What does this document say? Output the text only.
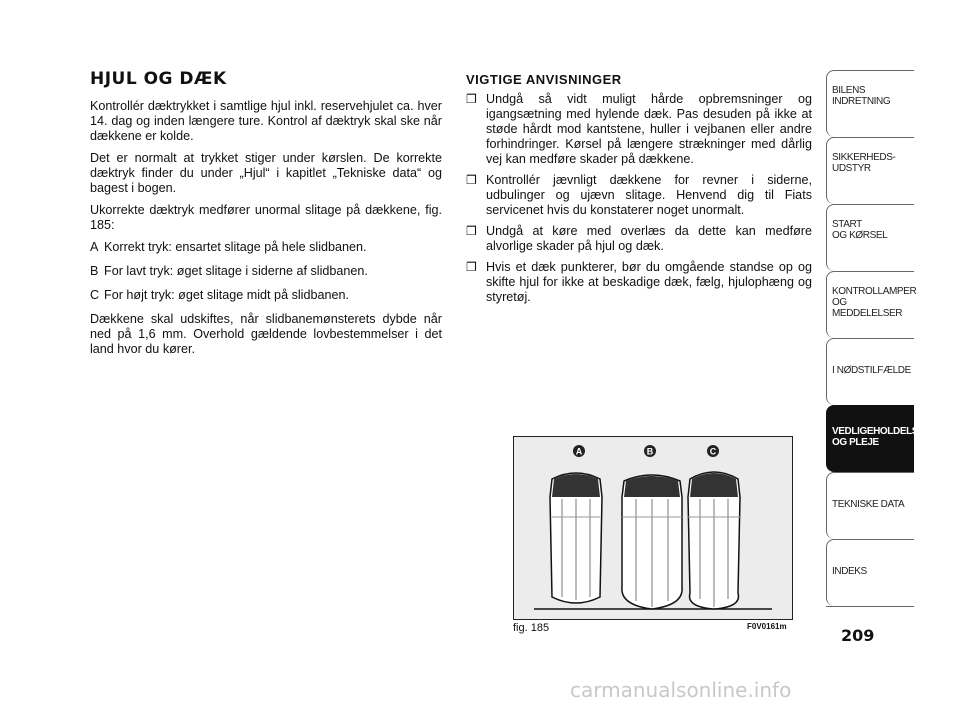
HJUL OG DÆK

Kontrollér dæktrykket i samtlige hjul inkl. reservehjulet ca. hver 14. dag og inden længere ture. Kontrol af dæktryk skal ske når dækkene er kolde.

Det er normalt at trykket stiger under kørslen. De korrekte dæktryk finder du under „Hjul“ i kapitlet „Tekniske data“ og bagest i bogen.

Ukorrekte dæktryk medfører unormal slitage på dækkene, fig. 185:

A Korrekt tryk: ensartet slitage på hele slidbanen.
B For lavt tryk: øget slitage i siderne af slidbanen.
C For højt tryk: øget slitage midt på slidbanen.

Dækkene skal udskiftes, når slidbanemønsterets dybde når ned på 1,6 mm. Overhold gældende lovbestemmelser i det land hvor du kører.

VIGTIGE ANVISNINGER
❒ Undgå så vidt muligt hårde opbremsninger og igangsætning med hylende dæk. Pas desuden på ikke at støde hårdt mod kantstene, huller i vejbanen eller andre forhindringer. Kørsel på længere strækninger med dårlig vej kan medføre skader på dækkene.
❒ Kontrollér jævnligt dækkene for revner i siderne, udbulinger og ujævn slitage. Henvend dig til Fiats servicenet hvis du konstaterer noget unormalt.
❒ Undgå at køre med overlæs da dette kan medføre alvorlige skader på hjul og dæk.
❒ Hvis et dæk punkterer, bør du omgående standse op og skifte hjul for ikke at beskadige dæk, fælg, hjulophæng og styretøj.
A	B	C
fig. 185	F0V0161m
BILENS
INDRETNING
SIKKERHEDS-
UDSTYR
START
OG KØRSEL
KONTROLLAMPER
OG MEDDELELSER
I NØDSTILFÆLDE
VEDLIGEHOLDELSE
OG PLEJE
TEKNISKE DATA
INDEKS
209
carmanualsonline.info
